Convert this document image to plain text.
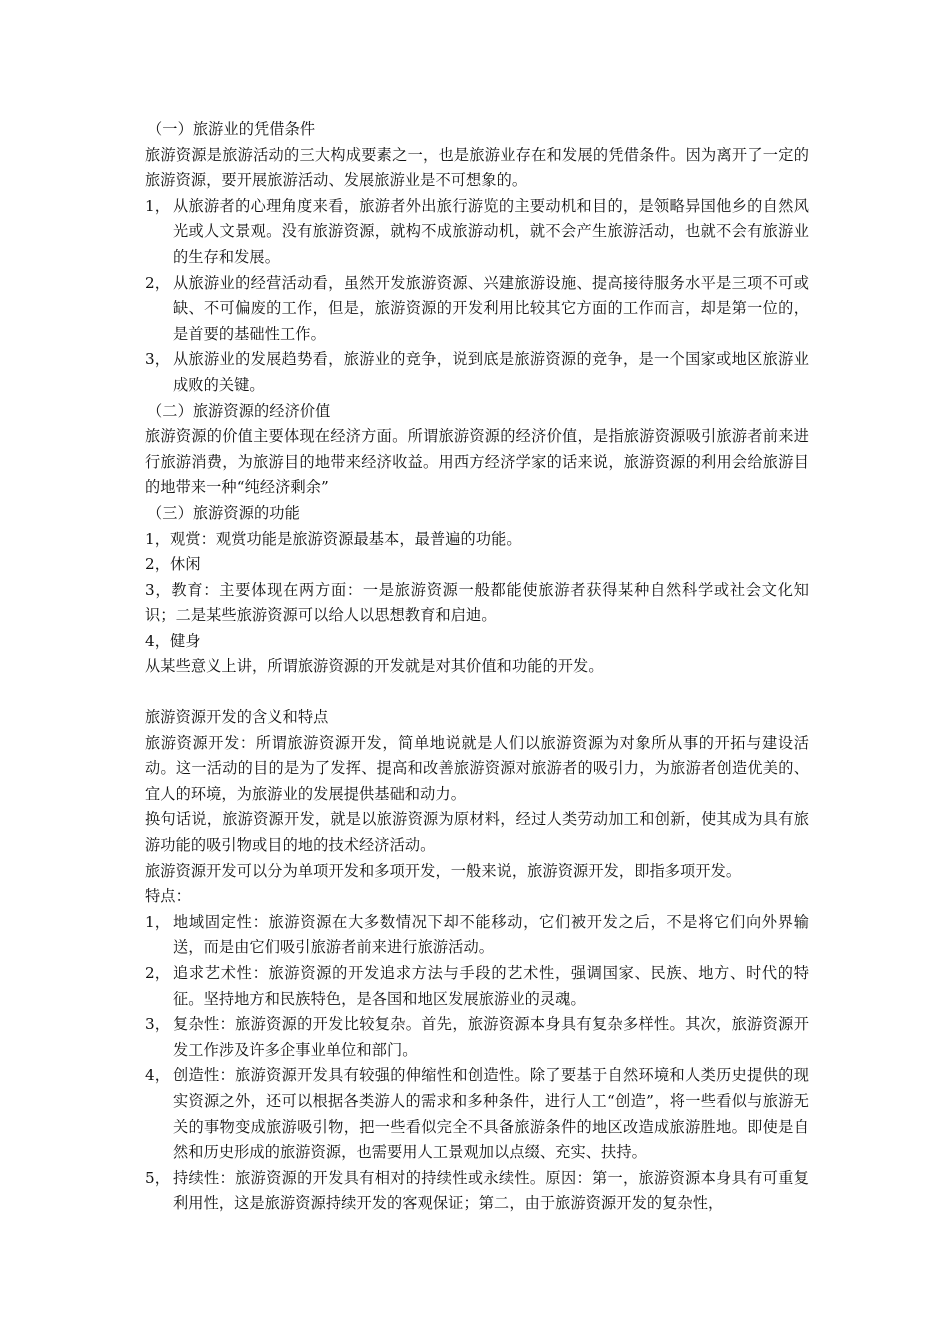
（一）旅游业的凭借条件

旅游资源是旅游活动的三大构成要素之一，也是旅游业存在和发展的凭借条件。因为离开了一定的旅游资源，要开展旅游活动、发展旅游业是不可想象的。

1， 从旅游者的心理角度来看，旅游者外出旅行游览的主要动机和目的，是领略异国他乡的自然风光或人文景观。没有旅游资源，就构不成旅游动机，就不会产生旅游活动，也就不会有旅游业的生存和发展。
2， 从旅游业的经营活动看，虽然开发旅游资源、兴建旅游设施、提高接待服务水平是三项不可或缺、不可偏废的工作，但是，旅游资源的开发利用比较其它方面的工作而言，却是第一位的，是首要的基础性工作。
3， 从旅游业的发展趋势看，旅游业的竞争，说到底是旅游资源的竞争，是一个国家或地区旅游业成败的关键。

（二）旅游资源的经济价值

旅游资源的价值主要体现在经济方面。所谓旅游资源的经济价值，是指旅游资源吸引旅游者前来进行旅游消费，为旅游目的地带来经济收益。用西方经济学家的话来说，旅游资源的利用会给旅游目的地带来一种“纯经济剩余”

（三）旅游资源的功能

1，观赏：观赏功能是旅游资源最基本，最普遍的功能。

2，休闲

3，教育：主要体现在两方面：一是旅游资源一般都能使旅游者获得某种自然科学或社会文化知识；二是某些旅游资源可以给人以思想教育和启迪。

4，健身

从某些意义上讲，所谓旅游资源的开发就是对其价值和功能的开发。

旅游资源开发的含义和特点

旅游资源开发：所谓旅游资源开发，简单地说就是人们以旅游资源为对象所从事的开拓与建设活动。这一活动的目的是为了发挥、提高和改善旅游资源对旅游者的吸引力，为旅游者创造优美的、宜人的环境，为旅游业的发展提供基础和动力。

换句话说，旅游资源开发，就是以旅游资源为原材料，经过人类劳动加工和创新，使其成为具有旅游功能的吸引物或目的地的技术经济活动。

旅游资源开发可以分为单项开发和多项开发，一般来说，旅游资源开发，即指多项开发。

特点：

1， 地域固定性：旅游资源在大多数情况下却不能移动，它们被开发之后，不是将它们向外界输送，而是由它们吸引旅游者前来进行旅游活动。
2， 追求艺术性：旅游资源的开发追求方法与手段的艺术性，强调国家、民族、地方、时代的特征。坚持地方和民族特色，是各国和地区发展旅游业的灵魂。
3， 复杂性：旅游资源的开发比较复杂。首先，旅游资源本身具有复杂多样性。其次，旅游资源开发工作涉及许多企事业单位和部门。
4， 创造性：旅游资源开发具有较强的伸缩性和创造性。除了要基于自然环境和人类历史提供的现实资源之外，还可以根据各类游人的需求和多种条件，进行人工“创造”，将一些看似与旅游无关的事物变成旅游吸引物，把一些看似完全不具备旅游条件的地区改造成旅游胜地。即使是自然和历史形成的旅游资源，也需要用人工景观加以点缀、充实、扶持。
5， 持续性：旅游资源的开发具有相对的持续性或永续性。原因：第一，旅游资源本身具有可重复利用性，这是旅游资源持续开发的客观保证；第二，由于旅游资源开发的复杂性，
